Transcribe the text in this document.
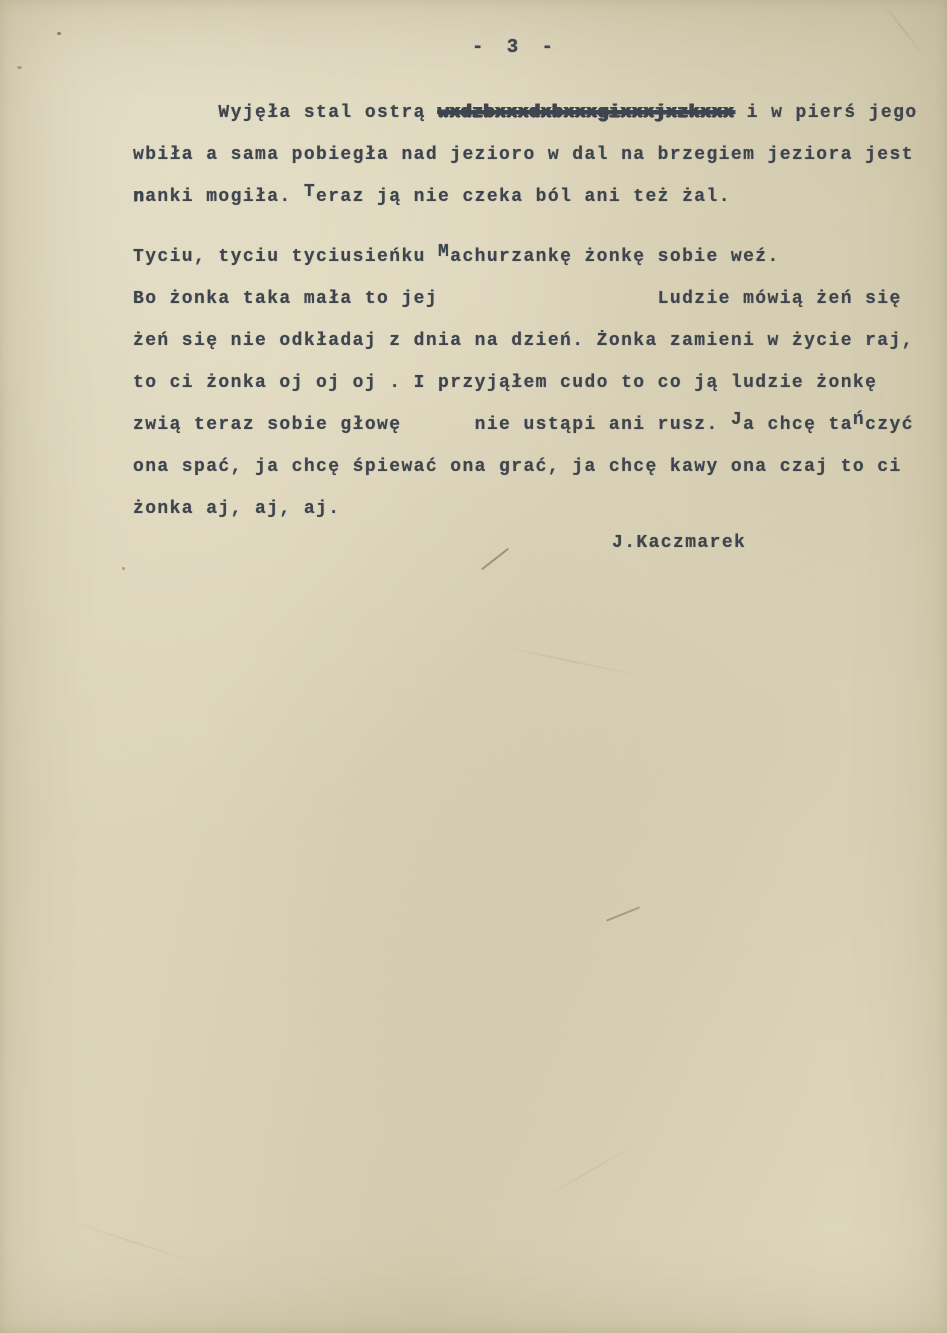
- 3 -
Wyjęła stal ostrą wxdzbxxxdxbxxxgixxxjxzkxxx i w pierś jego
wbiła a sama pobiegła nad jezioro w dal na brzegiem jeziora jest
nanki mogiła. Teraz ją nie czeka ból ani też żal.
Tyciu, tyciu tyciusieńku Machurzankę żonkę sobie weź.
Bo żonka taka mała to jej                  Ludzie mówią żeń się
żeń się nie odkładaj z dnia na dzień. Żonka zamieni w życie raj,
to ci żonka oj oj oj . I przyjąłem cudo to co ją ludzie żonkę
zwią teraz sobie głowę      nie ustąpi ani rusz. Ja chcę tańczyć
ona spać, ja chcę śpiewać ona grać, ja chcę kawy ona czaj to ci
żonka aj, aj, aj.
J.Kaczmarek
